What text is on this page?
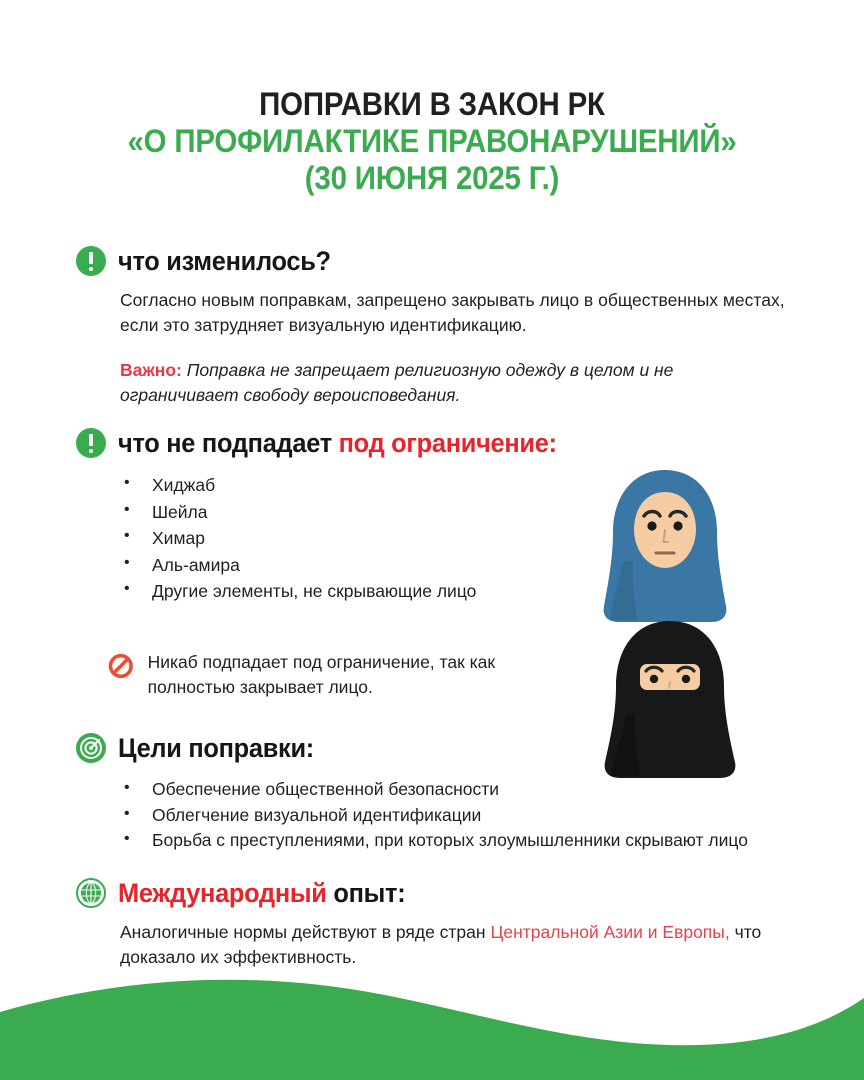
ПОПРАВКИ В ЗАКОН РК
«О ПРОФИЛАКТИКЕ ПРАВОНАРУШЕНИЙ»
(30 ИЮНЯ 2025 Г.)
что изменилось?
Согласно новым поправкам, запрещено закрывать лицо в общественных местах, если это затрудняет визуальную идентификацию.
Важно: Поправка не запрещает религиозную одежду в целом и не ограничивает свободу вероисповедания.
что не подпадает под ограничение:
• Хиджаб
• Шейла
• Химар
• Аль-амира
• Другие элементы, не скрывающие лицо
Никаб подпадает под ограничение, так как полностью закрывает лицо.
Цели поправки:
• Обеспечение общественной безопасности
• Облегчение визуальной идентификации
• Борьба с преступлениями, при которых злоумышленники скрывают лицо
Международный опыт:
Аналогичные нормы действуют в ряде стран Центральной Азии и Европы, что доказало их эффективность.
